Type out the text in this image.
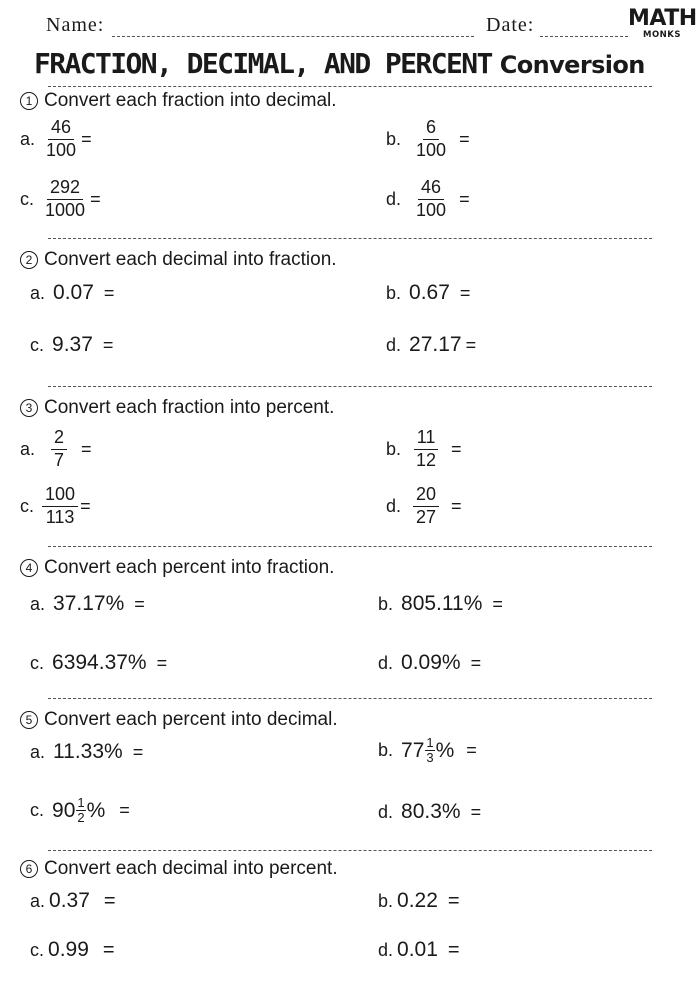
Name:	Date:	MATH
MONKS
FRACTION, DECIMAL, AND PERCENT Conversion
1 Convert each fraction into decimal.
a. $\frac{46}{100}$ =	b. $\frac{6}{100}$ =
c. $\frac{292}{1000}$ =	d. $\frac{46}{100}$ =
2 Convert each decimal into fraction.
a. 0.07 =	b. 0.67 =
c. 9.37 =	d. 27.17 =
3 Convert each fraction into percent.
a. $\frac{2}{7}$ =	b. $\frac{11}{12}$ =
c. $\frac{100}{113}$ =	d. $\frac{20}{27}$ =
4 Convert each percent into fraction.
a. 37.17% =	b. 805.11% =
c. 6394.37% =	d. 0.09% =
5 Convert each percent into decimal.
a. 11.33% =	b. $77 \frac{1}{3}$ % =
c. $90 \frac{1}{2}$ % =	d. 80.3% =
6 Convert each decimal into percent.
a. 0.37 =	b. 0.22 =
c. 0.99 =	d. 0.01 =
